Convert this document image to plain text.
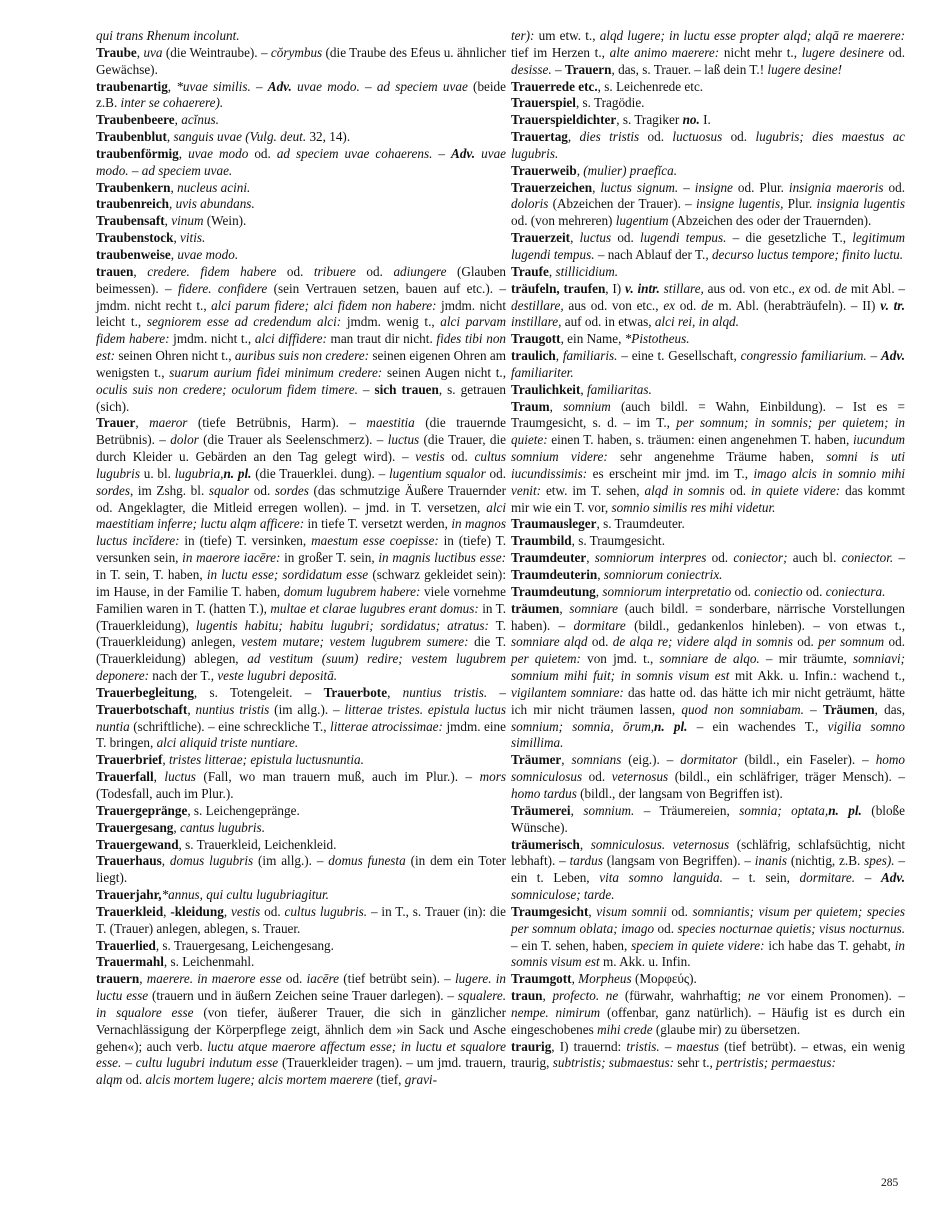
qui trans Rhenum incolunt.

Traube, uva (die Weintraube). – cŏrymbus (die Traube des Efeus u. ähnlicher Gewächse).

traubenartig, *uvae similis. – Adv. uvae modo. – ad speciem uvae (beide z.B. inter se cohaerere).

Traubenbeere, acĭnus.

Traubenblut, sanguis uvae (Vulg. deut. 32, 14).

traubenförmig, uvae modo od. ad speciem uvae cohaerens. – Adv. uvae modo. – ad speciem uvae.

Traubenkern, nucleus acini.

traubenreich, uvis abundans.

Traubensaft, vinum (Wein).

Traubenstock, vitis.

traubenweise, uvae modo.

trauen, credere. fidem habere od. tribuere od. adiungere (Glauben beimessen). – fidere. confidere (sein Vertrauen setzen, bauen auf etc.). – jmdm. nicht recht t., alci parum fidere; alci fidem non habere: jmdm. nicht leicht t., segniorem esse ad credendum alci: jmdm. wenig t., alci parvam fidem habere: jmdm. nicht t., alci diffidere: man traut dir nicht. fides tibi non est: seinen Ohren nicht t., auribus suis non credere: seinen eigenen Ohren am wenigsten t., suarum aurium fidei minimum credere: seinen Augen nicht t., oculis suis non credere; oculorum fidem timere. – sich trauen, s. getrauen (sich).

Trauer, maeror (tiefe Betrübnis, Harm). – maestitia (die trauernde Betrübnis). – dolor (die Trauer als Seelenschmerz). – luctus (die Trauer, die durch Kleider u. Gebärden an den Tag gelegt wird). – vestis od. cultus lugubris u. bl. lugubria,n. pl. (die Trauerklei. dung). – lugentium squalor od. sordes, im Zshg. bl. squalor od. sordes (das schmutzige Äußere Trauernder od. Angeklagter, die Mitleid erregen wollen). – jmd. in T. versetzen, alci maestitiam inferre; luctu alqm afficere: in tiefe T. versetzt werden, in magnos luctus incĭdere: in (tiefe) T. versinken, maestum esse coepisse: in (tiefe) T. versunken sein, in maerore iacēre: in großer T. sein, in magnis luctibus esse: in T. sein, T. haben, in luctu esse; sordidatum esse (schwarz gekleidet sein): im Hause, in der Familie T. haben, domum lugubrem habere: viele vornehme Familien waren in T. (hatten T.), multae et clarae lugubres erant domus: in T. (Trauerkleidung), lugentis habitu; habitu lugubri; sordidatus; atratus: T. (Trauerkleidung) anlegen, vestem mutare; vestem lugubrem sumere: die T. (Trauerkleidung) ablegen, ad vestitum (suum) redire; vestem lugubrem deponere: nach der T., veste lugubri depositā.

Trauerbegleitung, s. Totengeleit. – Trauerbote, nuntius tristis. – Trauerbotschaft, nuntius tristis (im allg.). – litterae tristes. epistula luctus nuntia (schriftliche). – eine schreckliche T., litterae atrocissimae: jmdm. eine T. bringen, alci aliquid triste nuntiare.

Trauerbrief, tristes litterae; epistula luctusnuntia.

Trauerfall, luctus (Fall, wo man trauern muß, auch im Plur.). – mors (Todesfall, auch im Plur.).

Trauergepränge, s. Leichengepränge.

Trauergesang, cantus lugubris.

Trauergewand, s. Trauerkleid, Leichenkleid.

Trauerhaus, domus lugubris (im allg.). – domus funesta (in dem ein Toter liegt).

Trauerjahr,*annus, qui cultu lugubriagitur.

Trauerkleid, -kleidung, vestis od. cultus lugubris. – in T., s. Trauer (in): die T. (Trauer) anlegen, ablegen, s. Trauer.

Trauerlied, s. Trauergesang, Leichengesang.

Trauermahl, s. Leichenmahl.

trauern, maerere. in maerore esse od. iacēre (tief betrübt sein). – lugere. in luctu esse (trauern und in äußern Zeichen seine Trauer darlegen). – squalere. in squalore esse (von tiefer, äußerer Trauer, die sich in gänzlicher Vernachlässigung der Körperpflege zeigt, ähnlich dem »in Sack und Asche gehen«); auch verb. luctu atque maerore affectum esse; in luctu et squalore esse. – cultu lugubri indutum esse (Trauerkleider tragen). – um jmd. trauern, alqm od. alcis mortem lugere; alcis mortem maerere (tief, gravi-

ter): um etw. t., alqd lugere; in luctu esse propter alqd; alqā re maerere: tief im Herzen t., alte animo maerere: nicht mehr t., lugere desinere od. desisse. – Trauern, das, s. Trauer. – laß dein T.! lugere desine!

Trauerrede etc., s. Leichenrede etc.

Trauerspiel, s. Tragödie.

Trauerspieldichter, s. Tragiker no. I.

Trauertag, dies tristis od. luctuosus od. lugubris; dies maestus ac lugubris.

Trauerweib, (mulier) praefĭca.

Trauerzeichen, luctus signum. – insigne od. Plur. insignia maeroris od. doloris (Abzeichen der Trauer). – insigne lugentis, Plur. insignia lugentis od. (von mehreren) lugentium (Abzeichen des oder der Trauernden).

Trauerzeit, luctus od. lugendi tempus. – die gesetzliche T., legitimum lugendi tempus. – nach Ablauf der T., decurso luctus tempore; finito luctu.

Traufe, stillicidium.

träufeln, traufen, I) v. intr. stillare, aus od. von etc., ex od. de mit Abl. – destillare, aus od. von etc., ex od. de m. Abl. (herabträufeln). – II) v. tr. instillare, auf od. in etwas, alci rei, in alqd.

Traugott, ein Name, *Pistotheus.

traulich, familiaris. – eine t. Gesellschaft, congressio familiarium. – Adv. familiariter.

Traulichkeit, familiaritas.

Traum, somnium (auch bildl. = Wahn, Einbildung). – Ist es = Traumgesicht, s. d. – im T., per somnum; in somnis; per quietem; in quiete: einen T. haben, s. träumen: einen angenehmen T. haben, iucundum somnium videre: sehr angenehme Träume haben, somni is uti iucundissimis: es erscheint mir jmd. im T., imago alcis in somnio mihi venit: etw. im T. sehen, alqd in somnis od. in quiete videre: das kommt mir wie ein T. vor, somnio similis res mihi videtur.

Traumausleger, s. Traumdeuter.

Traumbild, s. Traumgesicht.

Traumdeuter, somniorum interpres od. coniector; auch bl. coniector. – Traumdeuterin, somniorum coniectrix.

Traumdeutung, somniorum interpretatio od. coniectio od. coniectura.

träumen, somniare (auch bildl. = sonderbare, närrische Vorstellungen haben). – dormitare (bildl., gedankenlos hinleben). – von etwas t., somniare alqd od. de alqa re; videre alqd in somnis od. per somnum od. per quietem: von jmd. t., somniare de alqo. – mir träumte, somniavi; somnium mihi fuit; in somnis visum est mit Akk. u. Infin.: wachend t., vigilantem somniare: das hatte od. das hätte ich mir nicht geträumt, hätte ich mir nicht träumen lassen, quod non somniabam. – Träumen, das, somnium; somnia, ōrum,n. pl. – ein wachendes T., vigilia somno simillima.

Träumer, somnians (eig.). – dormitator (bildl., ein Faseler). – homo somniculosus od. veternosus (bildl., ein schläfriger, träger Mensch). – homo tardus (bildl., der langsam von Begriffen ist).

Träumerei, somnium. – Träumereien, somnia; optata,n. pl. (bloße Wünsche).

träumerisch, somniculosus. veternosus (schläfrig, schlafsüchtig, nicht lebhaft). – tardus (langsam von Begriffen). – inanis (nichtig, z.B. spes). – ein t. Leben, vita somno languida. – t. sein, dormitare. – Adv. somniculose; tarde.

Traumgesicht, visum somnii od. somniantis; visum per quietem; species per somnum oblata; imago od. species nocturnae quietis; visus nocturnus. – ein T. sehen, haben, speciem in quiete videre: ich habe das T. gehabt, in somnis visum est m. Akk. u. Infin.

Traumgott, Morpheus (Μορφεύς).

traun, profecto. ne (fürwahr, wahrhaftig; ne vor einem Pronomen). – nempe. nimirum (offenbar, ganz natürlich). – Häufig ist es durch ein eingeschobenes mihi crede (glaube mir) zu übersetzen.

traurig, I) trauernd: tristis. – maestus (tief betrübt). – etwas, ein wenig traurig, subtristis; submaestus: sehr t., pertristis; permaestus:

285
